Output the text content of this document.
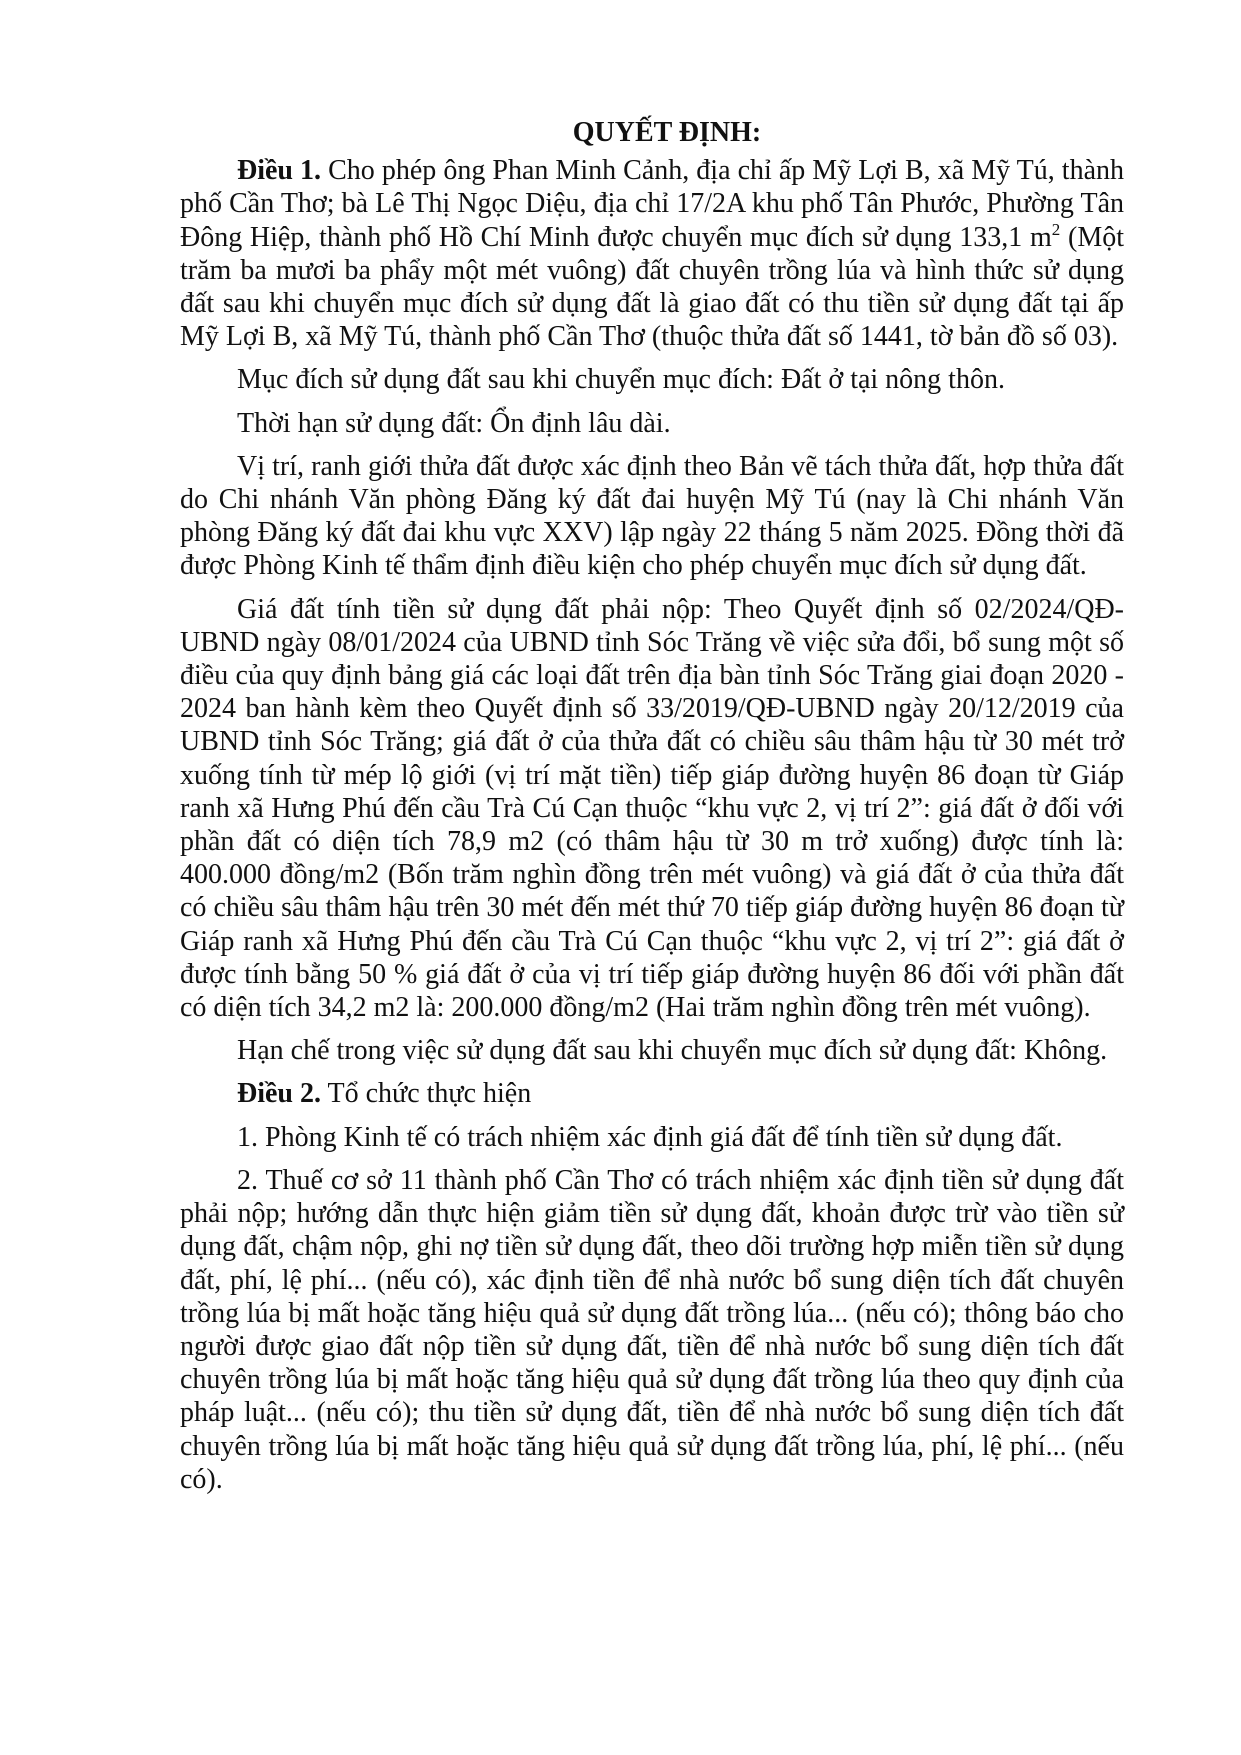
QUYẾT ĐỊNH:

Điều 1. Cho phép ông Phan Minh Cảnh, địa chỉ ấp Mỹ Lợi B, xã Mỹ Tú, thành phố Cần Thơ; bà Lê Thị Ngọc Diệu, địa chỉ 17/2A khu phố Tân Phước, Phường Tân Đông Hiệp, thành phố Hồ Chí Minh được chuyển mục đích sử dụng 133,1 $m^2$ (Một trăm ba mươi ba phẩy một mét vuông) đất chuyên trồng lúa và hình thức sử dụng đất sau khi chuyển mục đích sử dụng đất là giao đất có thu tiền sử dụng đất tại ấp Mỹ Lợi B, xã Mỹ Tú, thành phố Cần Thơ (thuộc thửa đất số 1441, tờ bản đồ số 03).

Mục đích sử dụng đất sau khi chuyển mục đích: Đất ở tại nông thôn.

Thời hạn sử dụng đất: Ổn định lâu dài.

Vị trí, ranh giới thửa đất được xác định theo Bản vẽ tách thửa đất, hợp thửa đất do Chi nhánh Văn phòng Đăng ký đất đai huyện Mỹ Tú (nay là Chi nhánh Văn phòng Đăng ký đất đai khu vực XXV) lập ngày 22 tháng 5 năm 2025. Đồng thời đã được Phòng Kinh tế thẩm định điều kiện cho phép chuyển mục đích sử dụng đất.

Giá đất tính tiền sử dụng đất phải nộp: Theo Quyết định số 02/2024/QĐ-UBND ngày 08/01/2024 của UBND tỉnh Sóc Trăng về việc sửa đổi, bổ sung một số điều của quy định bảng giá các loại đất trên địa bàn tỉnh Sóc Trăng giai đoạn 2020 - 2024 ban hành kèm theo Quyết định số 33/2019/QĐ-UBND ngày 20/12/2019 của UBND tỉnh Sóc Trăng; giá đất ở của thửa đất có chiều sâu thâm hậu từ 30 mét trở xuống tính từ mép lộ giới (vị trí mặt tiền) tiếp giáp đường huyện 86 đoạn từ Giáp ranh xã Hưng Phú đến cầu Trà Cú Cạn thuộc “khu vực 2, vị trí 2”: giá đất ở đối với phần đất có diện tích 78,9 m2 (có thâm hậu từ 30 m trở xuống) được tính là: 400.000 đồng/m2 (Bốn trăm nghìn đồng trên mét vuông) và giá đất ở của thửa đất có chiều sâu thâm hậu trên 30 mét đến mét thứ 70 tiếp giáp đường huyện 86 đoạn từ Giáp ranh xã Hưng Phú đến cầu Trà Cú Cạn thuộc “khu vực 2, vị trí 2”: giá đất ở được tính bằng 50 % giá đất ở của vị trí tiếp giáp đường huyện 86 đối với phần đất có diện tích 34,2 m2 là: 200.000 đồng/m2 (Hai trăm nghìn đồng trên mét vuông).

Hạn chế trong việc sử dụng đất sau khi chuyển mục đích sử dụng đất: Không.

Điều 2. Tổ chức thực hiện

1. Phòng Kinh tế có trách nhiệm xác định giá đất để tính tiền sử dụng đất.

2. Thuế cơ sở 11 thành phố Cần Thơ có trách nhiệm xác định tiền sử dụng đất phải nộp; hướng dẫn thực hiện giảm tiền sử dụng đất, khoản được trừ vào tiền sử dụng đất, chậm nộp, ghi nợ tiền sử dụng đất, theo dõi trường hợp miễn tiền sử dụng đất, phí, lệ phí... (nếu có), xác định tiền để nhà nước bổ sung diện tích đất chuyên trồng lúa bị mất hoặc tăng hiệu quả sử dụng đất trồng lúa... (nếu có); thông báo cho người được giao đất nộp tiền sử dụng đất, tiền để nhà nước bổ sung diện tích đất chuyên trồng lúa bị mất hoặc tăng hiệu quả sử dụng đất trồng lúa theo quy định của pháp luật... (nếu có); thu tiền sử dụng đất, tiền để nhà nước bổ sung diện tích đất chuyên trồng lúa bị mất hoặc tăng hiệu quả sử dụng đất trồng lúa, phí, lệ phí... (nếu có).
